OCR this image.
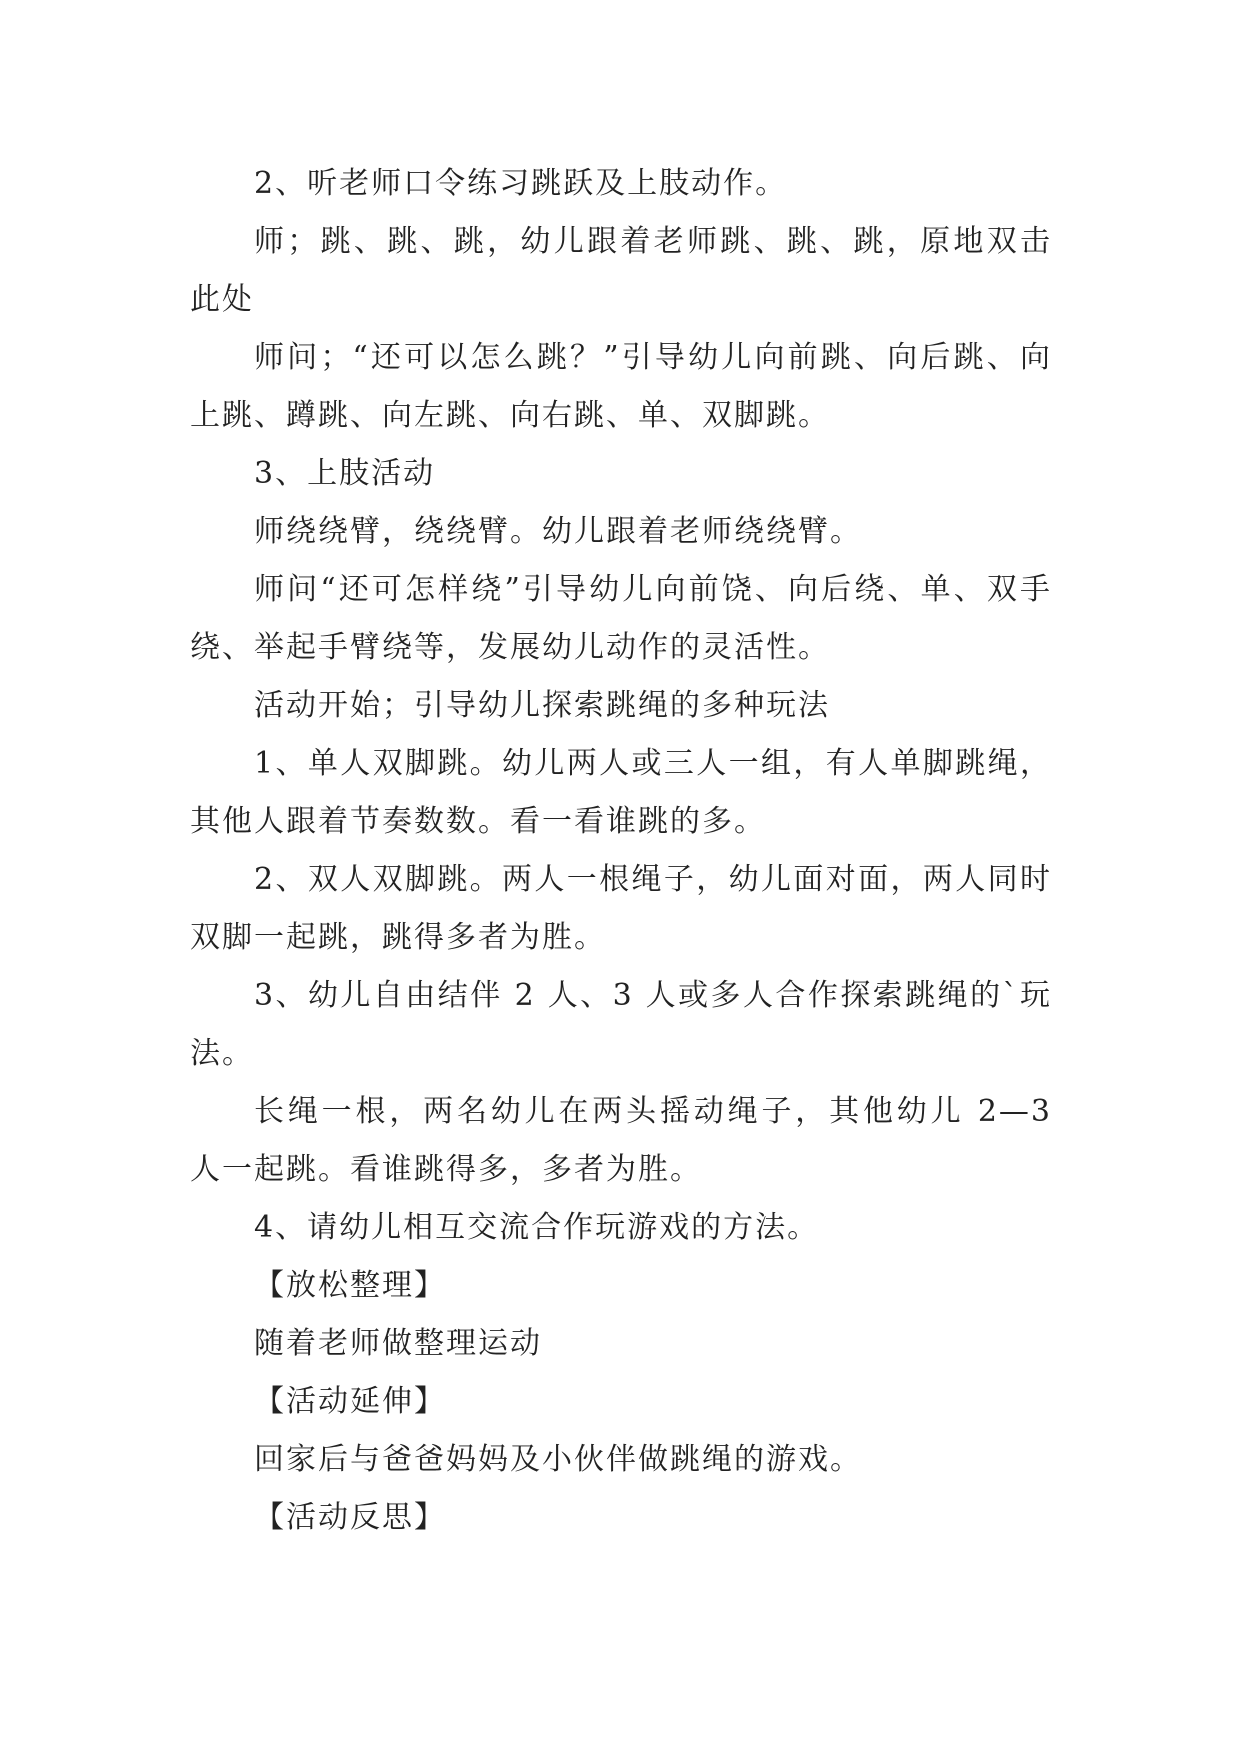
2、听老师口令练习跳跃及上肢动作。

师；跳、跳、跳，幼儿跟着老师跳、跳、跳，原地双击此处

师问；“还可以怎么跳？”引导幼儿向前跳、向后跳、向上跳、蹲跳、向左跳、向右跳、单、双脚跳。

3、上肢活动

师绕绕臂，绕绕臂。幼儿跟着老师绕绕臂。

师问“还可怎样绕”引导幼儿向前饶、向后绕、单、双手绕、举起手臂绕等，发展幼儿动作的灵活性。

活动开始；引导幼儿探索跳绳的多种玩法

1、单人双脚跳。幼儿两人或三人一组，有人单脚跳绳，其他人跟着节奏数数。看一看谁跳的多。

2、双人双脚跳。两人一根绳子，幼儿面对面，两人同时双脚一起跳，跳得多者为胜。

3、幼儿自由结伴 2 人、3 人或多人合作探索跳绳的`玩法。

长绳一根，两名幼儿在两头摇动绳子，其他幼儿 2—3 人一起跳。看谁跳得多，多者为胜。

4、请幼儿相互交流合作玩游戏的方法。

【放松整理】

随着老师做整理运动

【活动延伸】

回家后与爸爸妈妈及小伙伴做跳绳的游戏。

【活动反思】
